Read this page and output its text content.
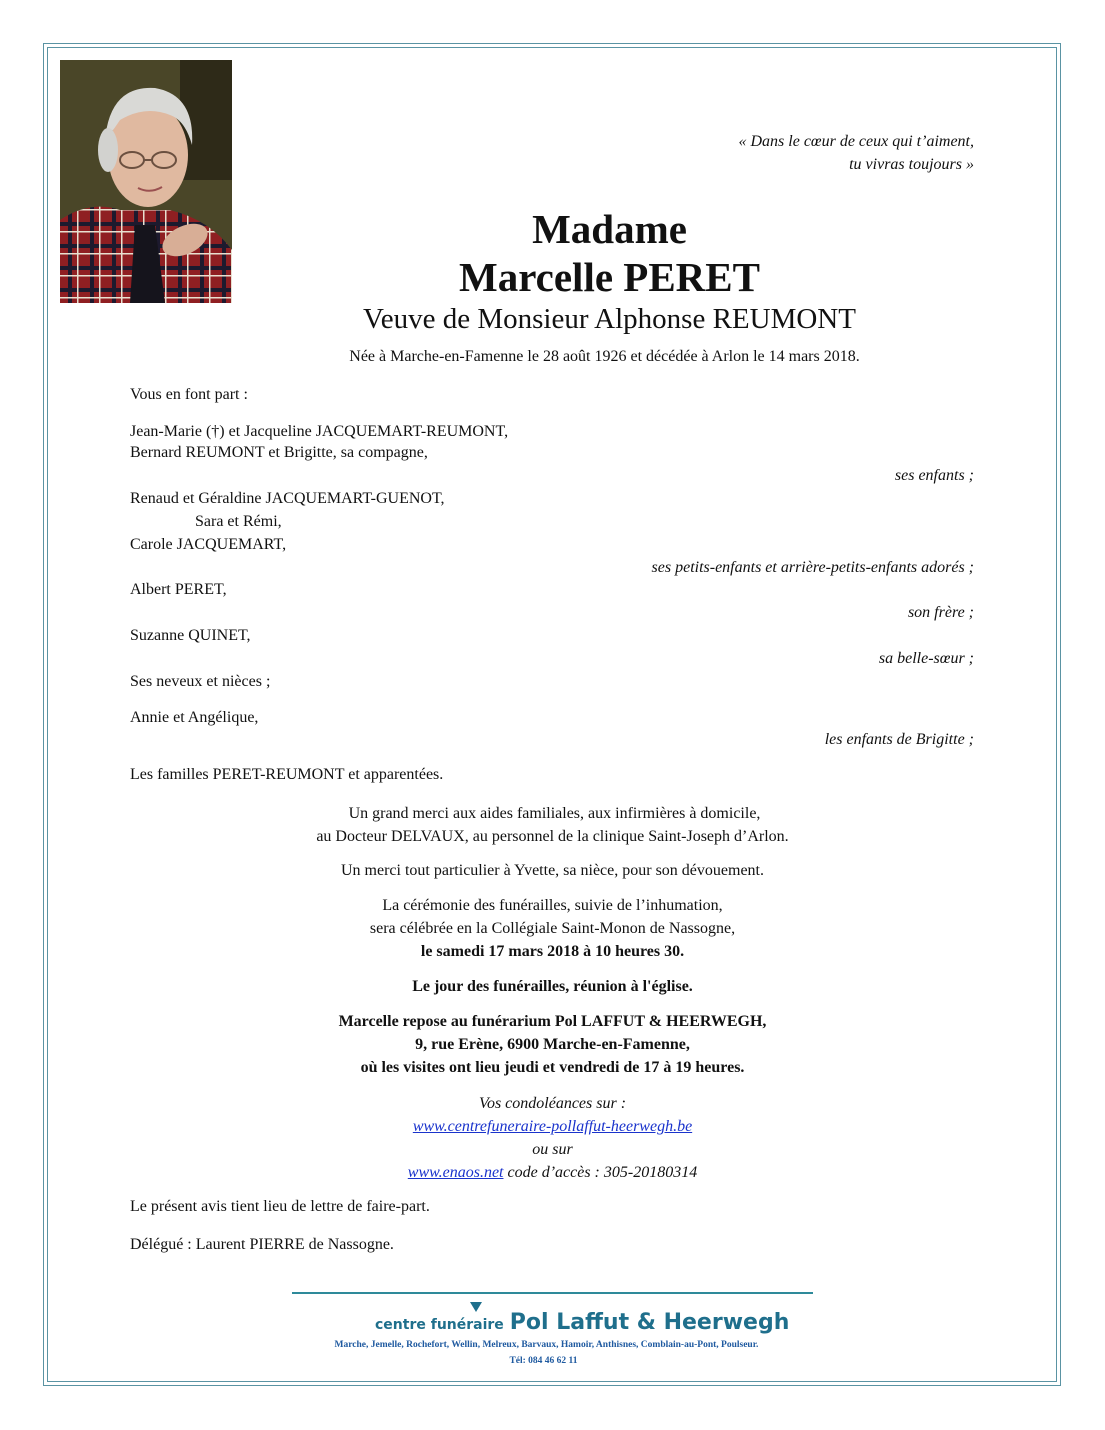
« Dans le cœur de ceux qui t’aiment,
tu vivras toujours »
Madame
Marcelle PERET
Veuve de Monsieur Alphonse REUMONT
Née à Marche-en-Famenne le 28 août 1926 et décédée à Arlon le 14 mars 2018.
Vous en font part :
Jean-Marie (†) et Jacqueline JACQUEMART-REUMONT,
Bernard REUMONT et Brigitte, sa compagne,
ses enfants ;
Renaud et Géraldine JACQUEMART-GUENOT,
Sara et Rémi,
Carole JACQUEMART,
ses petits-enfants et arrière-petits-enfants adorés ;
Albert PERET,
son frère ;
Suzanne QUINET,
sa belle-sœur ;
Ses neveux et nièces ;
Annie et Angélique,
les enfants de Brigitte ;
Les familles PERET-REUMONT et apparentées.
Un grand merci aux aides familiales, aux infirmières à domicile,
au Docteur DELVAUX, au personnel de la clinique Saint-Joseph d’Arlon.
Un merci tout particulier à Yvette, sa nièce, pour son dévouement.
La cérémonie des funérailles, suivie de l’inhumation,
sera célébrée en la Collégiale Saint-Monon de Nassogne,
le samedi 17 mars 2018 à 10 heures 30.
Le jour des funérailles, réunion à l'église.
Marcelle repose au funérarium Pol LAFFUT & HEERWEGH,
9, rue Erène, 6900 Marche-en-Famenne,
où les visites ont lieu jeudi et vendredi de 17 à 19 heures.
Vos condoléances sur :
www.centrefuneraire-pollaffut-heerwegh.be
ou sur
www.enaos.net code d’accès : 305-20180314
Le présent avis tient lieu de lettre de faire-part.
Délégué : Laurent PIERRE de Nassogne.
centre funéraire Pol Laffut & Heerwegh
Marche, Jemelle, Rochefort, Wellin, Melreux, Barvaux, Hamoir, Anthisnes, Comblain-au-Pont, Poulseur.
Tél: 084 46 62 11
